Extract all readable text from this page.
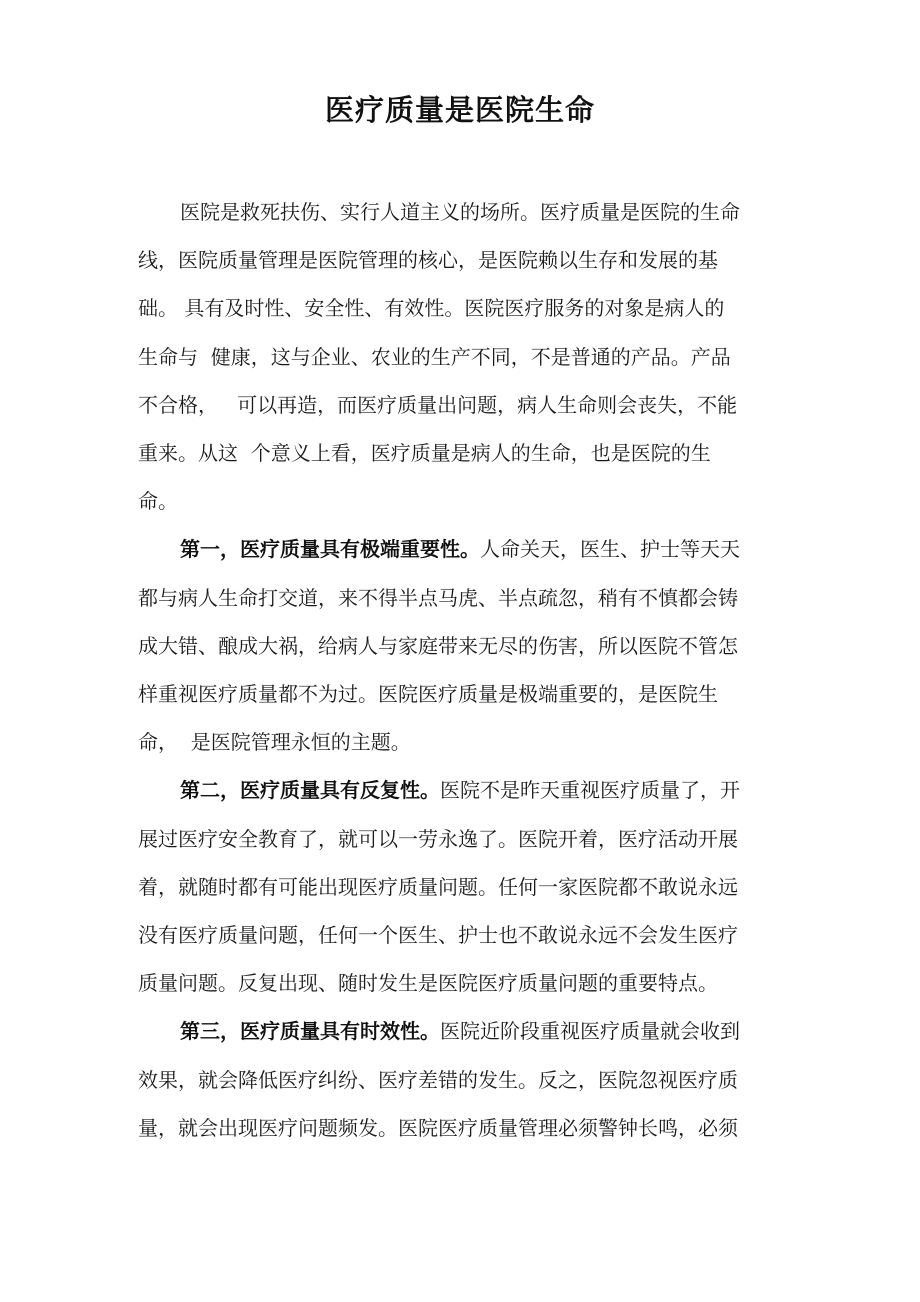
医疗质量是医院生命

医院是救死扶伤、实行人道主义的场所。医疗质量是医院的生命

线，医院质量管理是医院管理的核心，是医院赖以生存和发展的基

础。 具有及时性、安全性、有效性。医院医疗服务的对象是病人的

生命与  健康，这与企业、农业的生产不同，不是普通的产品。产品

不合格，   可以再造，而医疗质量出问题，病人生命则会丧失，不能

重来。从这  个意义上看，医疗质量是病人的生命，也是医院的生

命。

第一，医疗质量具有极端重要性。人命关天，医生、护士等天天

都与病人生命打交道，来不得半点马虎、半点疏忽，稍有不慎都会铸

成大错、酿成大祸，给病人与家庭带来无尽的伤害，所以医院不管怎

样重视医疗质量都不为过。医院医疗质量是极端重要的，是医院生

命，  是医院管理永恒的主题。

第二，医疗质量具有反复性。医院不是昨天重视医疗质量了，开

展过医疗安全教育了，就可以一劳永逸了。医院开着，医疗活动开展

着，就随时都有可能出现医疗质量问题。任何一家医院都不敢说永远

没有医疗质量问题，任何一个医生、护士也不敢说永远不会发生医疗

质量问题。反复出现、随时发生是医院医疗质量问题的重要特点。

第三，医疗质量具有时效性。医院近阶段重视医疗质量就会收到

效果，就会降低医疗纠纷、医疗差错的发生。反之，医院忽视医疗质

量，就会出现医疗问题频发。医院医疗质量管理必须警钟长鸣，必须
